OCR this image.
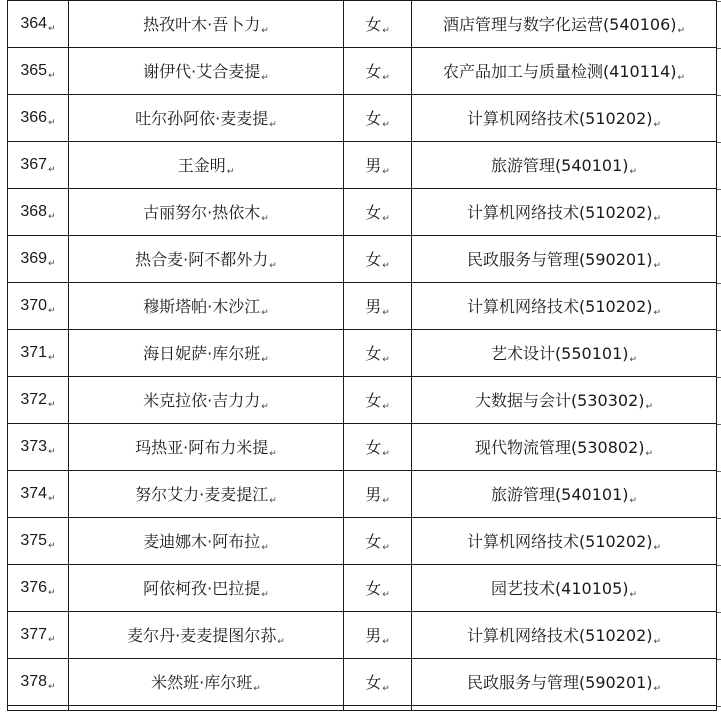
364↵	热孜叶木·吾卜力↵	女↵	酒店管理与数字化运营(540106)↵
365↵	谢伊代·艾合麦提↵	女↵	农产品加工与质量检测(410114)↵
366↵	吐尔孙阿依·麦麦提↵	女↵	计算机网络技术(510202)↵
367↵	王金明↵	男↵	旅游管理(540101)↵
368↵	古丽努尔·热依木↵	女↵	计算机网络技术(510202)↵
369↵	热合麦·阿不都外力↵	女↵	民政服务与管理(590201)↵
370↵	穆斯塔帕·木沙江↵	男↵	计算机网络技术(510202)↵
371↵	海日妮萨·库尔班↵	女↵	艺术设计(550101)↵
372↵	米克拉依·吉力力↵	女↵	大数据与会计(530302)↵
373↵	玛热亚·阿布力米提↵	女↵	现代物流管理(530802)↵
374↵	努尔艾力·麦麦提江↵	男↵	旅游管理(540101)↵
375↵	麦迪娜木·阿布拉↵	女↵	计算机网络技术(510202)↵
376↵	阿依柯孜·巴拉提↵	女↵	园艺技术(410105)↵
377↵	麦尔丹·麦麦提图尔荪↵	男↵	计算机网络技术(510202)↵
378↵	米然班·库尔班↵	女↵	民政服务与管理(590201)↵
